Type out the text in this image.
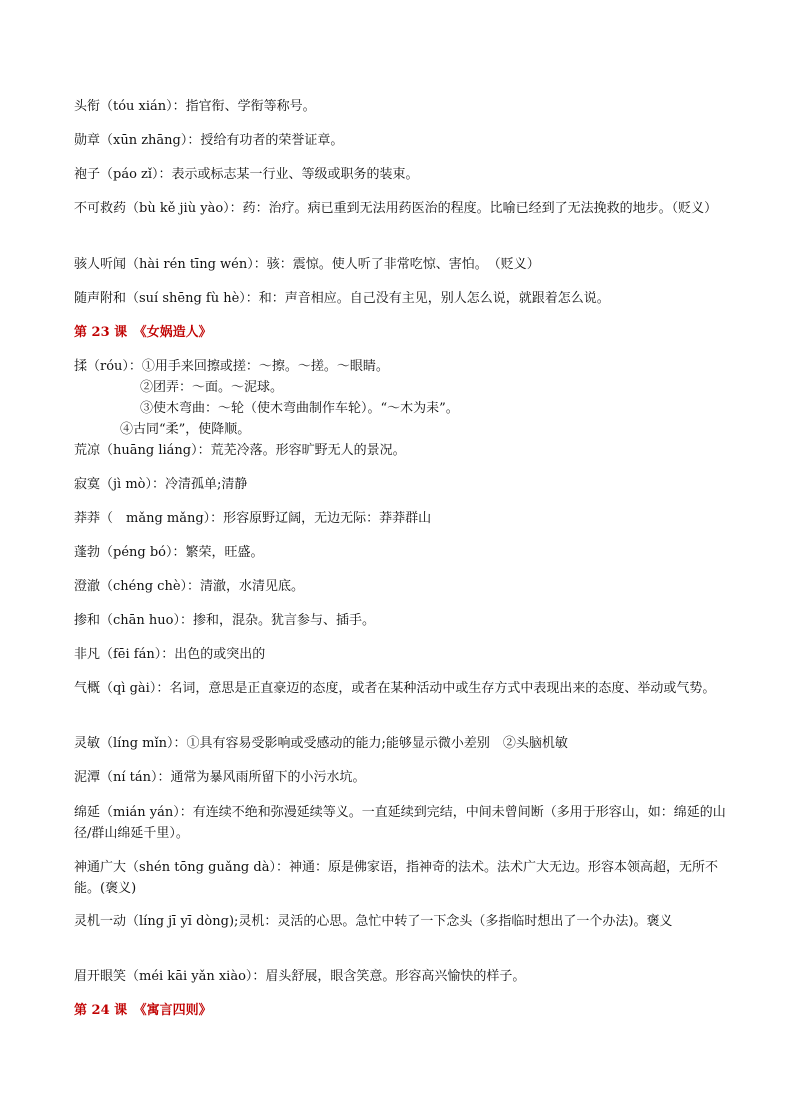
头衔（tóu xián）：指官衔、学衔等称号。
勋章（xūn zhāng）：授给有功者的荣誉证章。
袍子（páo zǐ）：表示或标志某一行业、等级或职务的装束。
不可救药（bù kě jiù yào）：药：治疗。病已重到无法用药医治的程度。比喻已经到了无法挽救的地步。（贬义）
骇人听闻（hài rén tīng wén）：骇：震惊。使人听了非常吃惊、害怕。　（贬义）
随声附和（suí shēng fù hè）：和：声音相应。自己没有主见，别人怎么说，就跟着怎么说。
第 23 课　《女娲造人》
揉（róu）：①用手来回擦或搓：～擦。～搓。～眼睛。
②团弄：～面。～泥球。
③使木弯曲：～轮（使木弯曲制作车轮）。“～木为耒”。
④古同“柔”，使降顺。
荒凉（huāng liáng）：荒芜冷落。形容旷野无人的景况。
寂寞（jì mò）：冷清孤单;清静
莽莽（　mǎng mǎng）：形容原野辽阔，无边无际：莽莽群山
蓬勃（péng bó）：繁荣，旺盛。
澄澈（chéng chè）：清澈，水清见底。
掺和（chān huo）：掺和，混杂。犹言参与、插手。
非凡（fēi fán）：出色的或突出的
气概（qì gài）：名词，意思是正直豪迈的态度，或者在某种活动中或生存方式中表现出来的态度、举动或气势。
灵敏（líng mǐn）：①具有容易受影响或受感动的能力;能够显示微小差别　②头脑机敏
泥潭（ní tán）：通常为暴风雨所留下的小污水坑。
绵延（mián yán）：有连续不绝和弥漫延续等义。一直延续到完结，中间未曾间断（多用于形容山，如：绵延的山径/群山绵延千里）。
神通广大（shén tōng guǎng dà）：神通：原是佛家语，指神奇的法术。法术广大无边。形容本领高超，无所不能。(褒义)
灵机一动（líng jī yī dòng);灵机：灵活的心思。急忙中转了一下念头（多指临时想出了一个办法)。褒义
眉开眼笑（méi kāi yǎn xiào）：眉头舒展，眼含笑意。形容高兴愉快的样子。
第 24 课　《寓言四则》
